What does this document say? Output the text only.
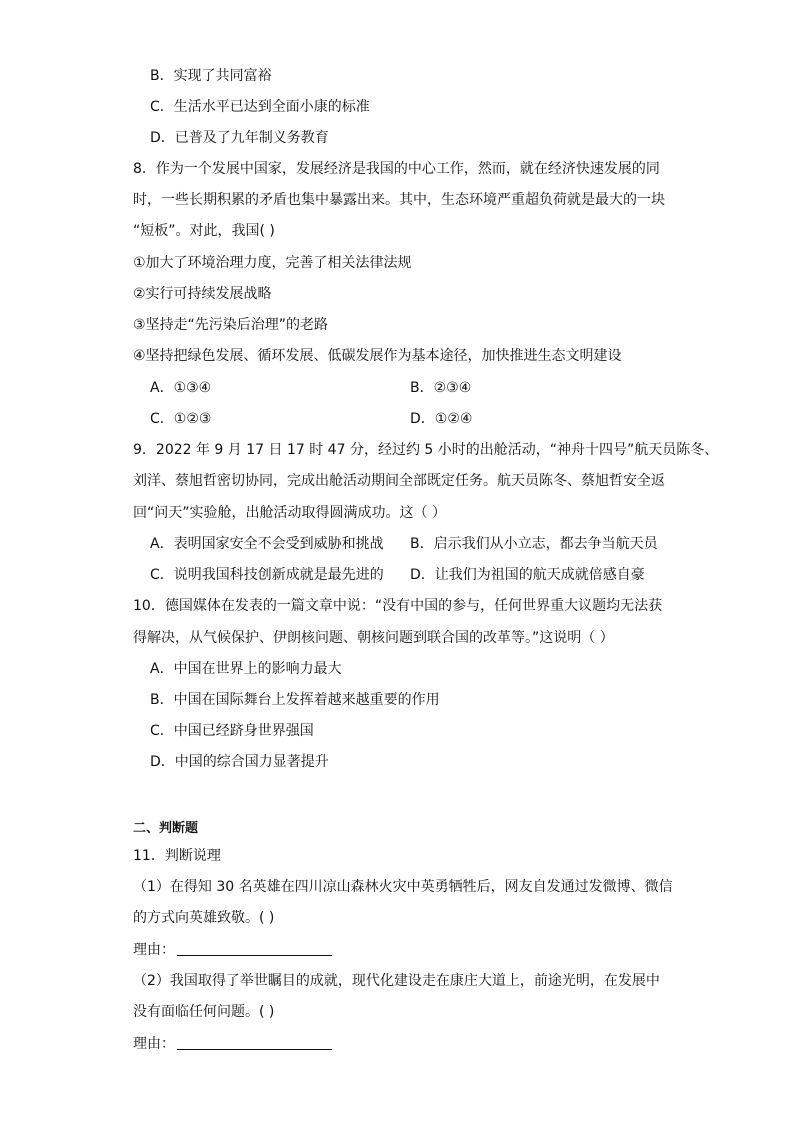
B．实现了共同富裕
C．生活水平已达到全面小康的标准
D．已普及了九年制义务教育
8．作为一个发展中国家，发展经济是我国的中心工作，然而，就在经济快速发展的同
时，一些长期积累的矛盾也集中暴露出来。其中，生态环境严重超负荷就是最大的一块
“短板”。对此，我国( )
①加大了环境治理力度，完善了相关法律法规
②实行可持续发展战略
③坚持走“先污染后治理”的老路
④坚持把绿色发展、循环发展、低碳发展作为基本途径，加快推进生态文明建设
A．①③④	B．②③④
C．①②③	D．①②④
9．2022 年 9 月 17 日 17 时 47 分，经过约 5 小时的出舱活动，“神舟十四号”航天员陈冬、
刘洋、蔡旭哲密切协同，完成出舱活动期间全部既定任务。航天员陈冬、蔡旭哲安全返
回“问天”实验舱，出舱活动取得圆满成功。这（ ）
A．表明国家安全不会受到威胁和挑战 B．启示我们从小立志，都去争当航天员
C．说明我国科技创新成就是最先进的 D．让我们为祖国的航天成就倍感自豪
10．德国媒体在发表的一篇文章中说：“没有中国的参与，任何世界重大议题均无法获
得解决，从气候保护、伊朗核问题、朝核问题到联合国的改革等。”这说明（ ）
A．中国在世界上的影响力最大
B．中国在国际舞台上发挥着越来越重要的作用
C．中国已经跻身世界强国
D．中国的综合国力显著提升
二、判断题
11．判断说理
（1）在得知 30 名英雄在四川凉山森林火灾中英勇牺牲后，网友自发通过发微博、微信
的方式向英雄致敬。( )
理由：
（2）我国取得了举世瞩目的成就，现代化建设走在康庄大道上，前途光明，在发展中
没有面临任何问题。( )
理由：
